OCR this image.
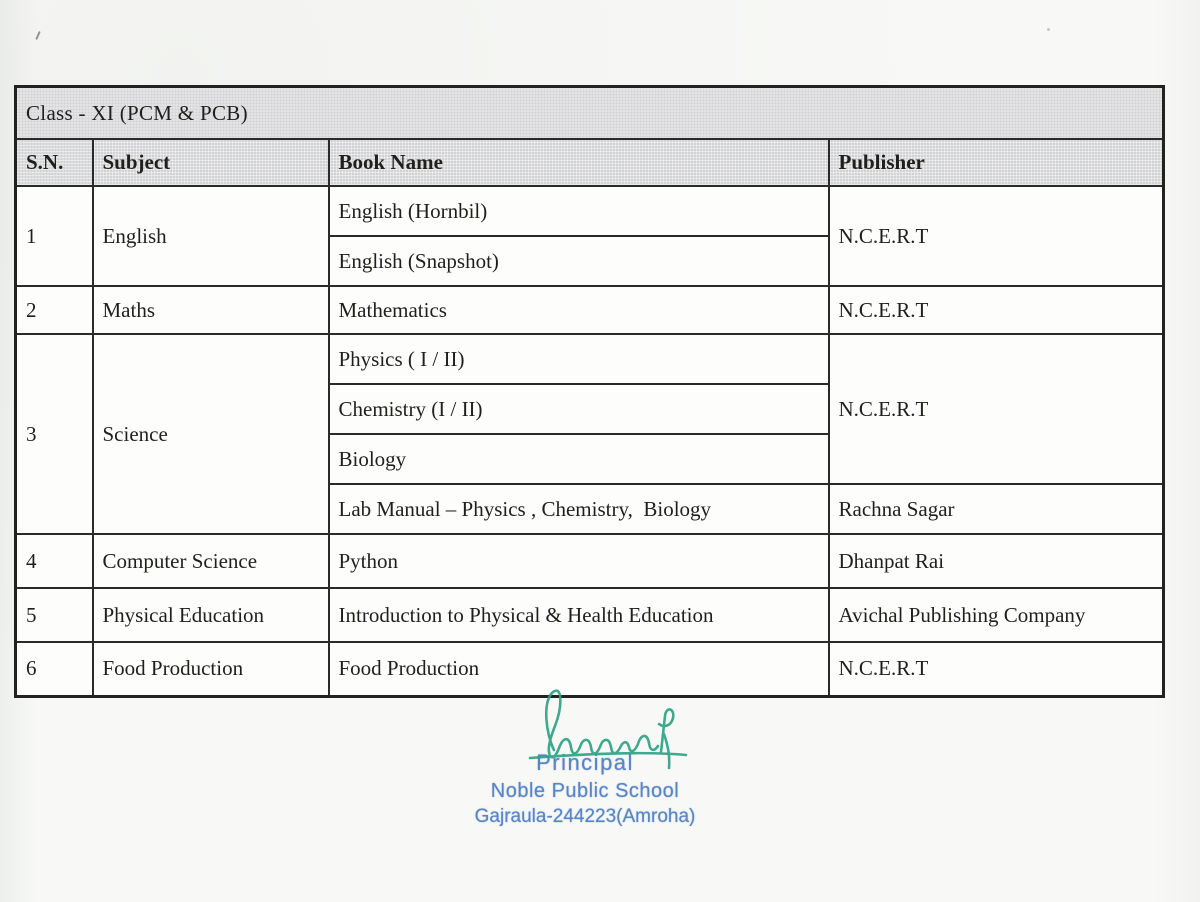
Class - XI (PCM & PCB)			
S.N.	Subject	Book Name	Publisher
1	English	English (Hornbil)	N.C.E.R.T
		English (Snapshot)	
2	Maths	Mathematics	N.C.E.R.T
3	Science	Physics ( I / II)	N.C.E.R.T
		Chemistry (I / II)	
		Biology	
		Lab Manual – Physics , Chemistry,  Biology	Rachna Sagar
4	Computer Science	Python	Dhanpat Rai
5	Physical Education	Introduction to Physical & Health Education	Avichal Publishing Company
6	Food Production	Food Production	N.C.E.R.T
Principal
Noble Public School
Gajraula-244223(Amroha)
